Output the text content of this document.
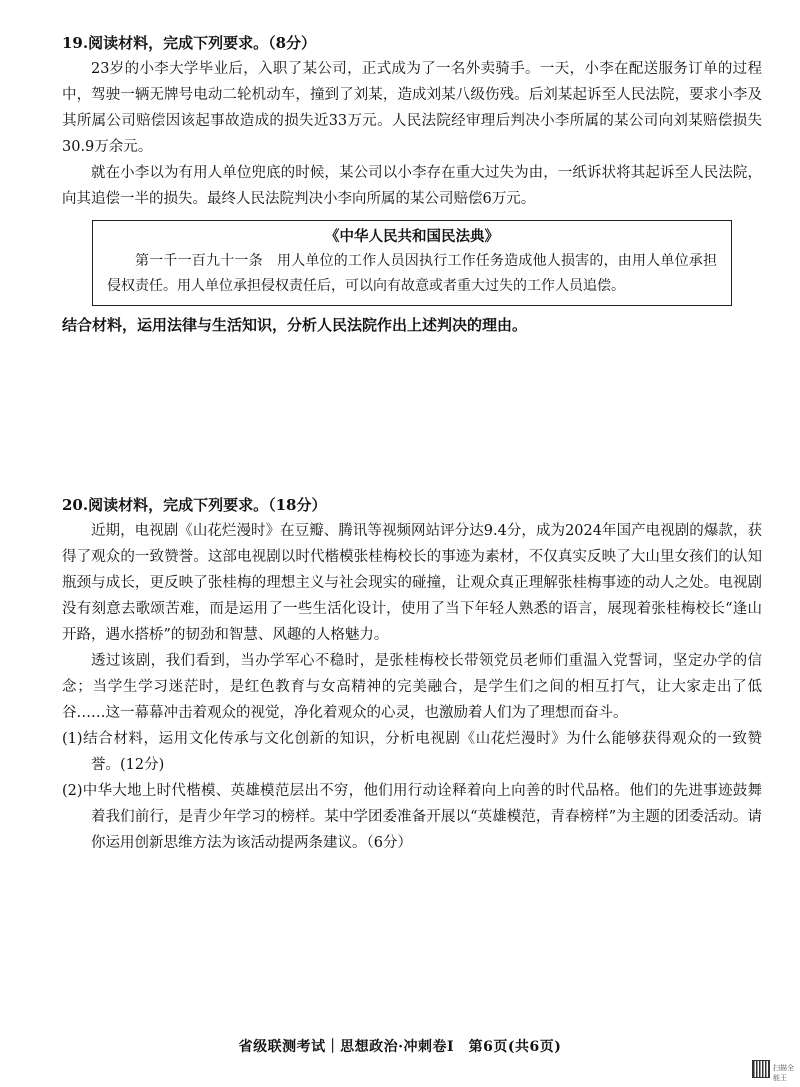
19.阅读材料，完成下列要求。（8分）

23岁的小李大学毕业后，入职了某公司，正式成为了一名外卖骑手。一天，小李在配送服务订单的过程中，驾驶一辆无牌号电动二轮机动车，撞到了刘某，造成刘某八级伤残。后刘某起诉至人民法院，要求小李及其所属公司赔偿因该起事故造成的损失近33万元。人民法院经审理后判决小李所属的某公司向刘某赔偿损失30.9万余元。

就在小李以为有用人单位兜底的时候，某公司以小李存在重大过失为由，一纸诉状将其起诉至人民法院，向其追偿一半的损失。最终人民法院判决小李向所属的某公司赔偿6万元。

《中华人民共和国民法典》

第一千一百九十一条　用人单位的工作人员因执行工作任务造成他人损害的，由用人单位承担侵权责任。用人单位承担侵权责任后，可以向有故意或者重大过失的工作人员追偿。

结合材料，运用法律与生活知识，分析人民法院作出上述判决的理由。

20.阅读材料，完成下列要求。（18分）

近期，电视剧《山花烂漫时》在豆瓣、腾讯等视频网站评分达9.4分，成为2024年国产电视剧的爆款，获得了观众的一致赞誉。这部电视剧以时代楷模张桂梅校长的事迹为素材，不仅真实反映了大山里女孩们的认知瓶颈与成长，更反映了张桂梅的理想主义与社会现实的碰撞，让观众真正理解张桂梅事迹的动人之处。电视剧没有刻意去歌颂苦难，而是运用了一些生活化设计，使用了当下年轻人熟悉的语言，展现着张桂梅校长“逢山开路，遇水搭桥”的韧劲和智慧、风趣的人格魅力。

透过该剧，我们看到，当办学军心不稳时，是张桂梅校长带领党员老师们重温入党誓词，坚定办学的信念；当学生学习迷茫时，是红色教育与女高精神的完美融合，是学生们之间的相互打气，让大家走出了低谷……这一幕幕冲击着观众的视觉，净化着观众的心灵，也激励着人们为了理想而奋斗。

(1)结合材料，运用文化传承与文化创新的知识，分析电视剧《山花烂漫时》为什么能够获得观众的一致赞誉。(12分)

(2)中华大地上时代楷模、英雄模范层出不穷，他们用行动诠释着向上向善的时代品格。他们的先进事迹鼓舞着我们前行，是青少年学习的榜样。某中学团委准备开展以“英雄模范，青春榜样”为主题的团委活动。请你运用创新思维方法为该活动提两条建议。（6分）

省级联测考试｜思想政治·冲刺卷Ⅰ　第6页(共6页)
扫描全能王
